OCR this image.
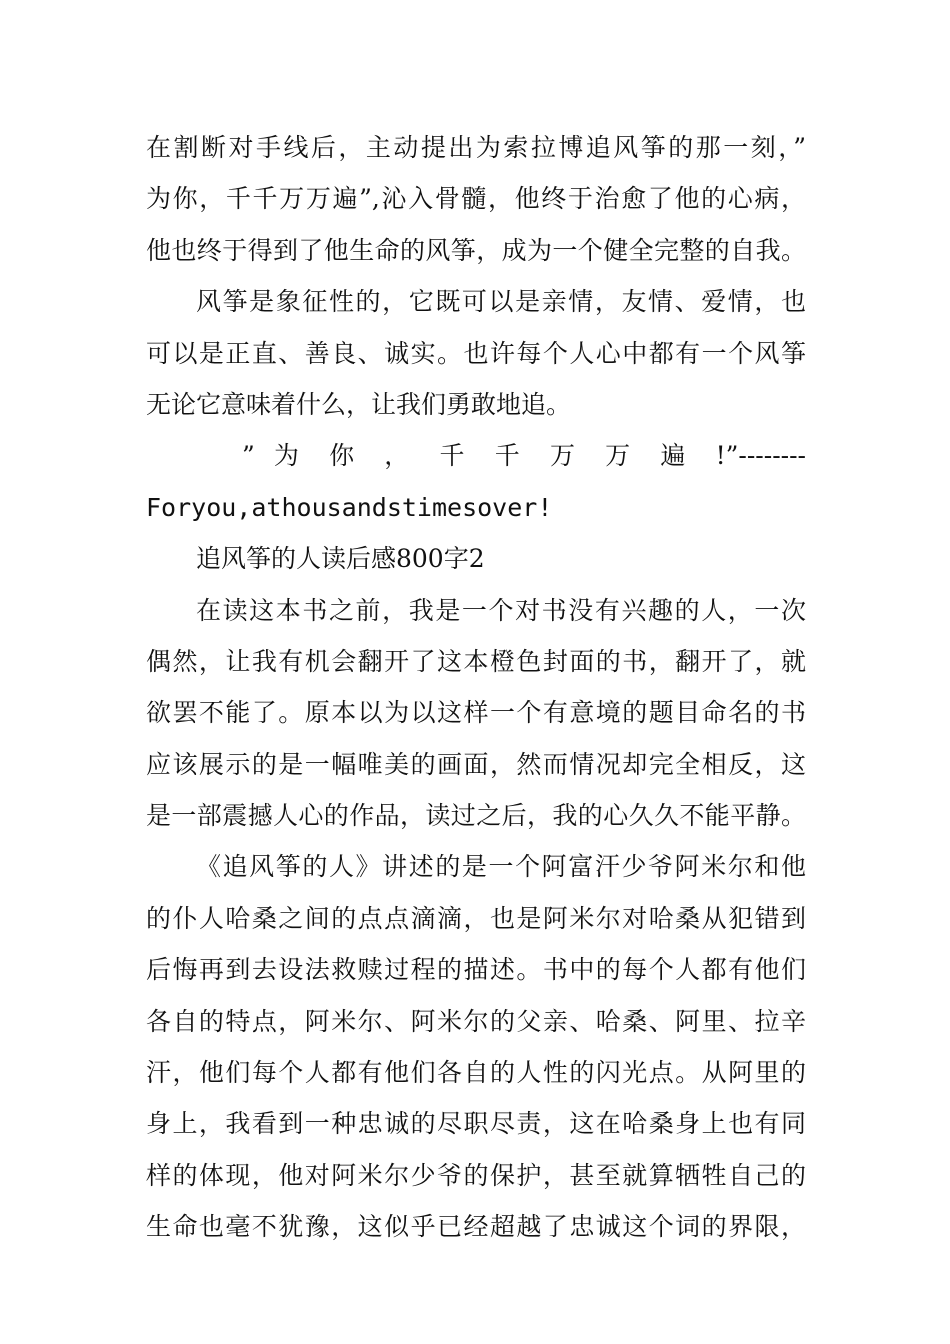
在割断对手线后，主动提出为索拉博追风筝的那一刻，”
为你，千千万万遍”,沁入骨髓，他终于治愈了他的心病，
他也终于得到了他生命的风筝，成为一个健全完整的自我。
风筝是象征性的，它既可以是亲情，友情、爱情，也
可以是正直、善良、诚实。也许每个人心中都有一个风筝
无论它意味着什么，让我们勇敢地追。
” 为 你 ， 千 千 万 万 遍 !”--------
Foryou,athousandstimesover!
追风筝的人读后感800字2
在读这本书之前，我是一个对书没有兴趣的人，一次
偶然，让我有机会翻开了这本橙色封面的书，翻开了，就
欲罢不能了。原本以为以这样一个有意境的题目命名的书
应该展示的是一幅唯美的画面，然而情况却完全相反，这
是一部震撼人心的作品，读过之后，我的心久久不能平静。
《追风筝的人》讲述的是一个阿富汗少爷阿米尔和他
的仆人哈桑之间的点点滴滴，也是阿米尔对哈桑从犯错到
后悔再到去设法救赎过程的描述。书中的每个人都有他们
各自的特点，阿米尔、阿米尔的父亲、哈桑、阿里、拉辛
汗，他们每个人都有他们各自的人性的闪光点。从阿里的
身上，我看到一种忠诚的尽职尽责，这在哈桑身上也有同
样的体现，他对阿米尔少爷的保护，甚至就算牺牲自己的
生命也毫不犹豫，这似乎已经超越了忠诚这个词的界限，
